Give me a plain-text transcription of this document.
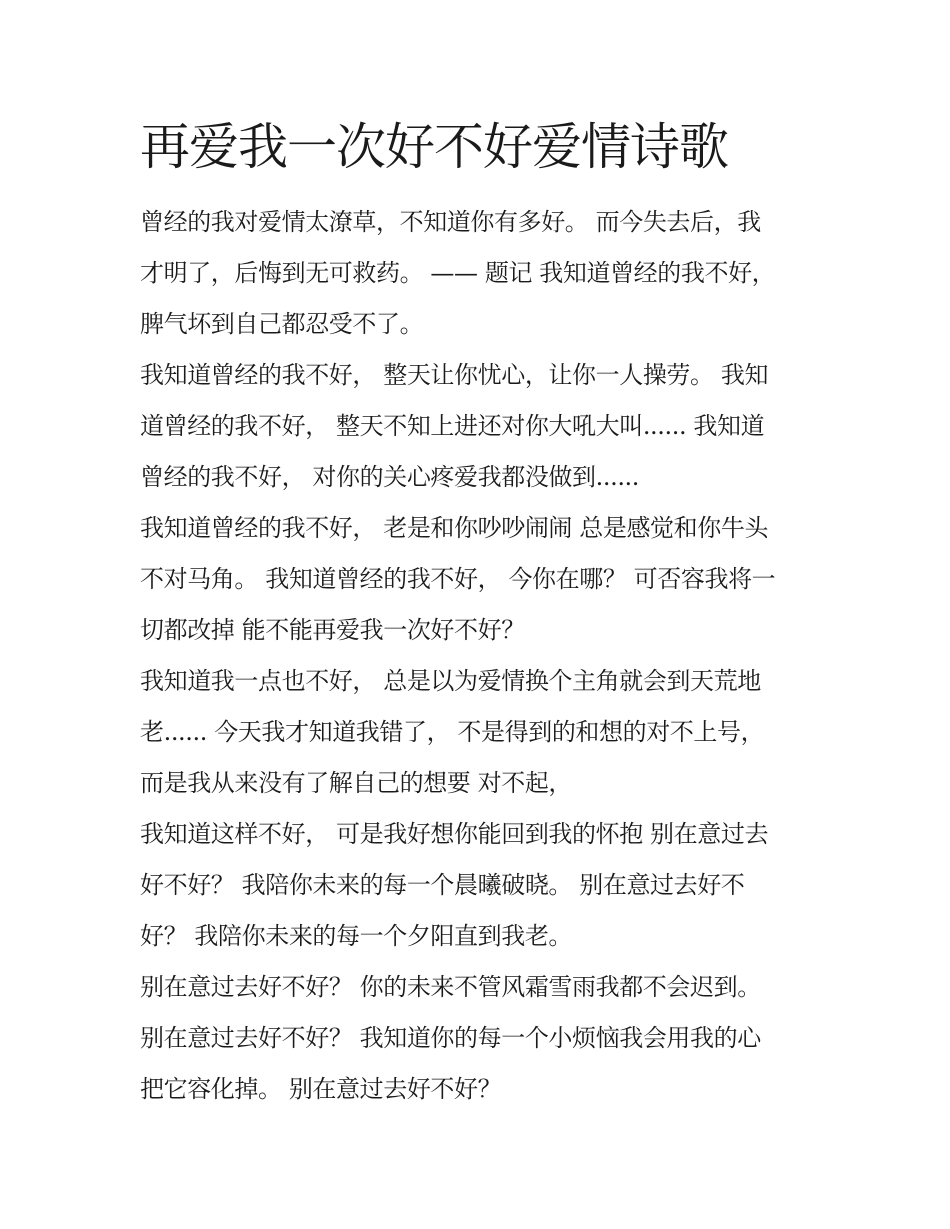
再爱我一次好不好爱情诗歌
曾经的我对爱情太潦草，不知道你有多好。 而今失去后，我
才明了，后悔到无可救药。 —— 题记 我知道曾经的我不好，
脾气坏到自己都忍受不了。
我知道曾经的我不好， 整天让你忧心，让你一人操劳。 我知
道曾经的我不好， 整天不知上进还对你大吼大叫...... 我知道
曾经的我不好， 对你的关心疼爱我都没做到......
我知道曾经的我不好， 老是和你吵吵闹闹 总是感觉和你牛头
不对马角。 我知道曾经的我不好， 今你在哪？ 可否容我将一
切都改掉 能不能再爱我一次好不好？
我知道我一点也不好， 总是以为爱情换个主角就会到天荒地
老...... 今天我才知道我错了， 不是得到的和想的对不上号，
而是我从来没有了解自己的想要 对不起，
我知道这样不好， 可是我好想你能回到我的怀抱 别在意过去
好不好？ 我陪你未来的每一个晨曦破晓。 别在意过去好不
好？ 我陪你未来的每一个夕阳直到我老。
别在意过去好不好？ 你的未来不管风霜雪雨我都不会迟到。
别在意过去好不好？ 我知道你的每一个小烦恼我会用我的心
把它容化掉。 别在意过去好不好？
